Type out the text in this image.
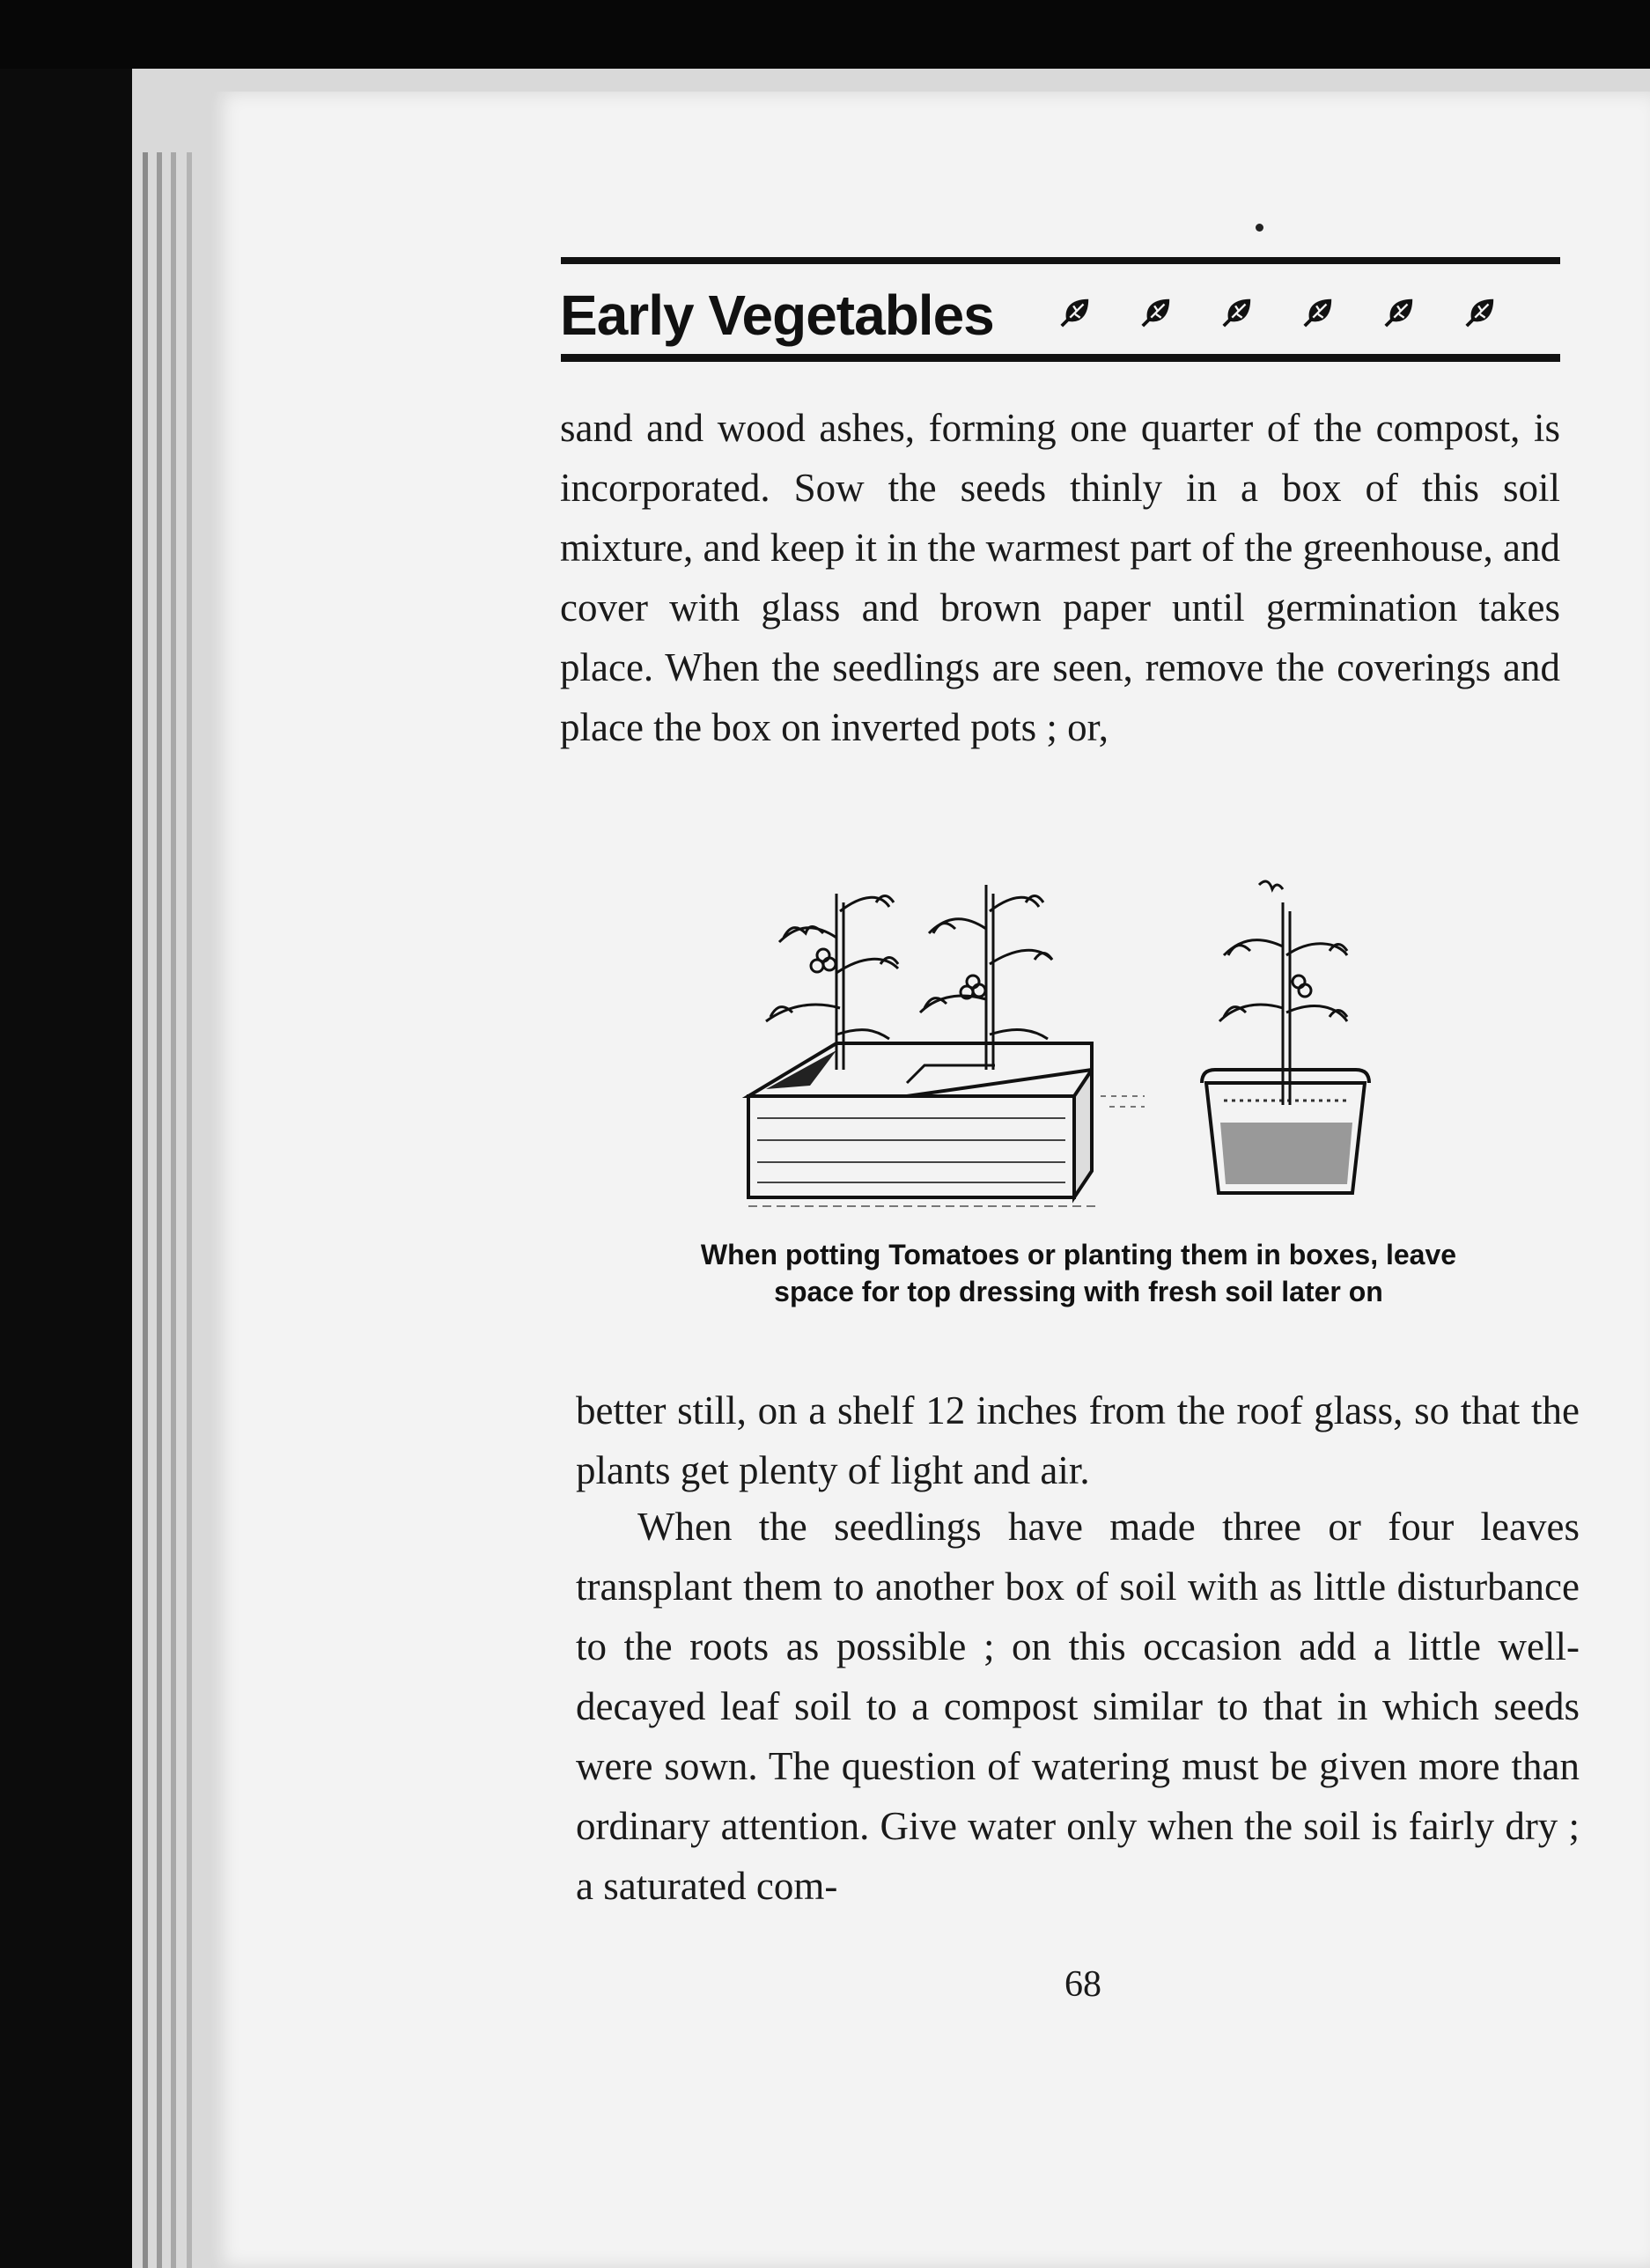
Early Vegetables

sand and wood ashes, forming one quarter of the compost, is incorporated. Sow the seeds thinly in a box of this soil mixture, and keep it in the warmest part of the greenhouse, and cover with glass and brown paper until germination takes place. When the seedlings are seen, remove the coverings and place the box on inverted pots ; or,

When potting Tomatoes or planting them in boxes, leave
space for top dressing with fresh soil later on

better still, on a shelf 12 inches from the roof glass, so that the plants get plenty of light and air.

When the seedlings have made three or four leaves transplant them to another box of soil with as little disturbance to the roots as possible ; on this occasion add a little well-decayed leaf soil to a compost similar to that in which seeds were sown. The question of watering must be given more than ordinary attention. Give water only when the soil is fairly dry ; a saturated com-

68
